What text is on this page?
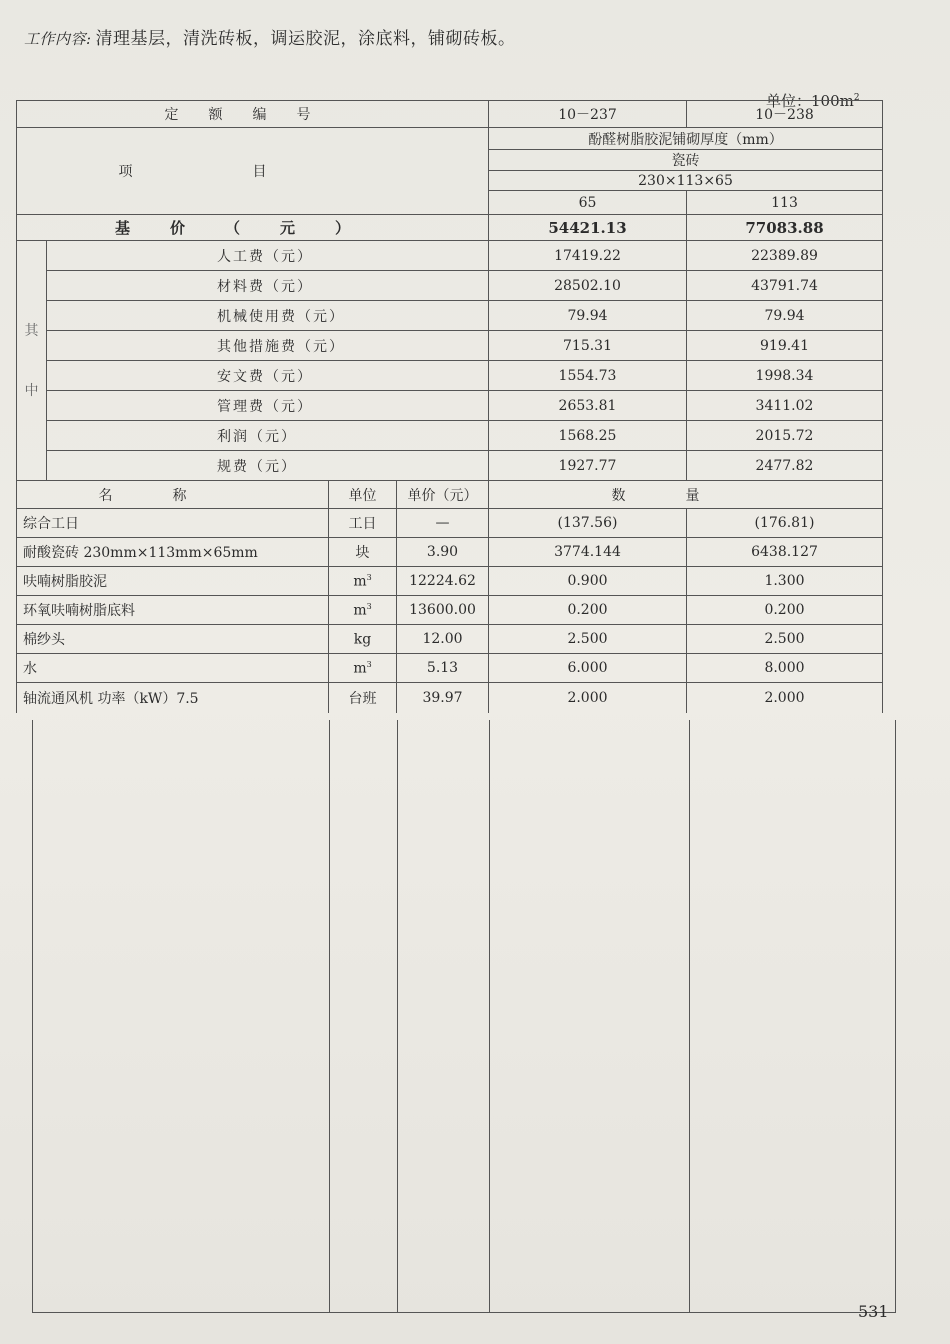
工作内容: 清理基层，清洗砖板，调运胶泥，涂底料，铺砌砖板。
单位：$100m^2$
定额编号				10－237	10－238
项目				酚醛树脂胶泥铺砌厚度（mm）	
				瓷砖	
				230×113×65	
				65	113
基价（元）				54421.13	77083.88

其
中	人工费（元）			17419.22	22389.89
	材料费（元）			28502.10	43791.74
	机械使用费（元）			79.94	79.94
	其他措施费（元）			715.31	919.41
	安文费（元）			1554.73	1998.34
	管理费（元）			2653.81	3411.02
	利润（元）			1568.25	2015.72
	规费（元）			1927.77	2477.82
名称		单位	单价（元）	数量	
综合工日		工日	—	(137.56)	(176.81)
耐酸瓷砖 230mm×113mm×65mm		块	3.90	3774.144	6438.127
呋喃树脂胶泥		$m^3$	12224.62	0.900	1.300
环氧呋喃树脂底料		$m^3$	13600.00	0.200	0.200
棉纱头		kg	12.00	2.500	2.500
水		$m^3$	5.13	6.000	8.000
轴流通风机 功率（kW）7.5		台班	39.97	2.000	2.000
531
